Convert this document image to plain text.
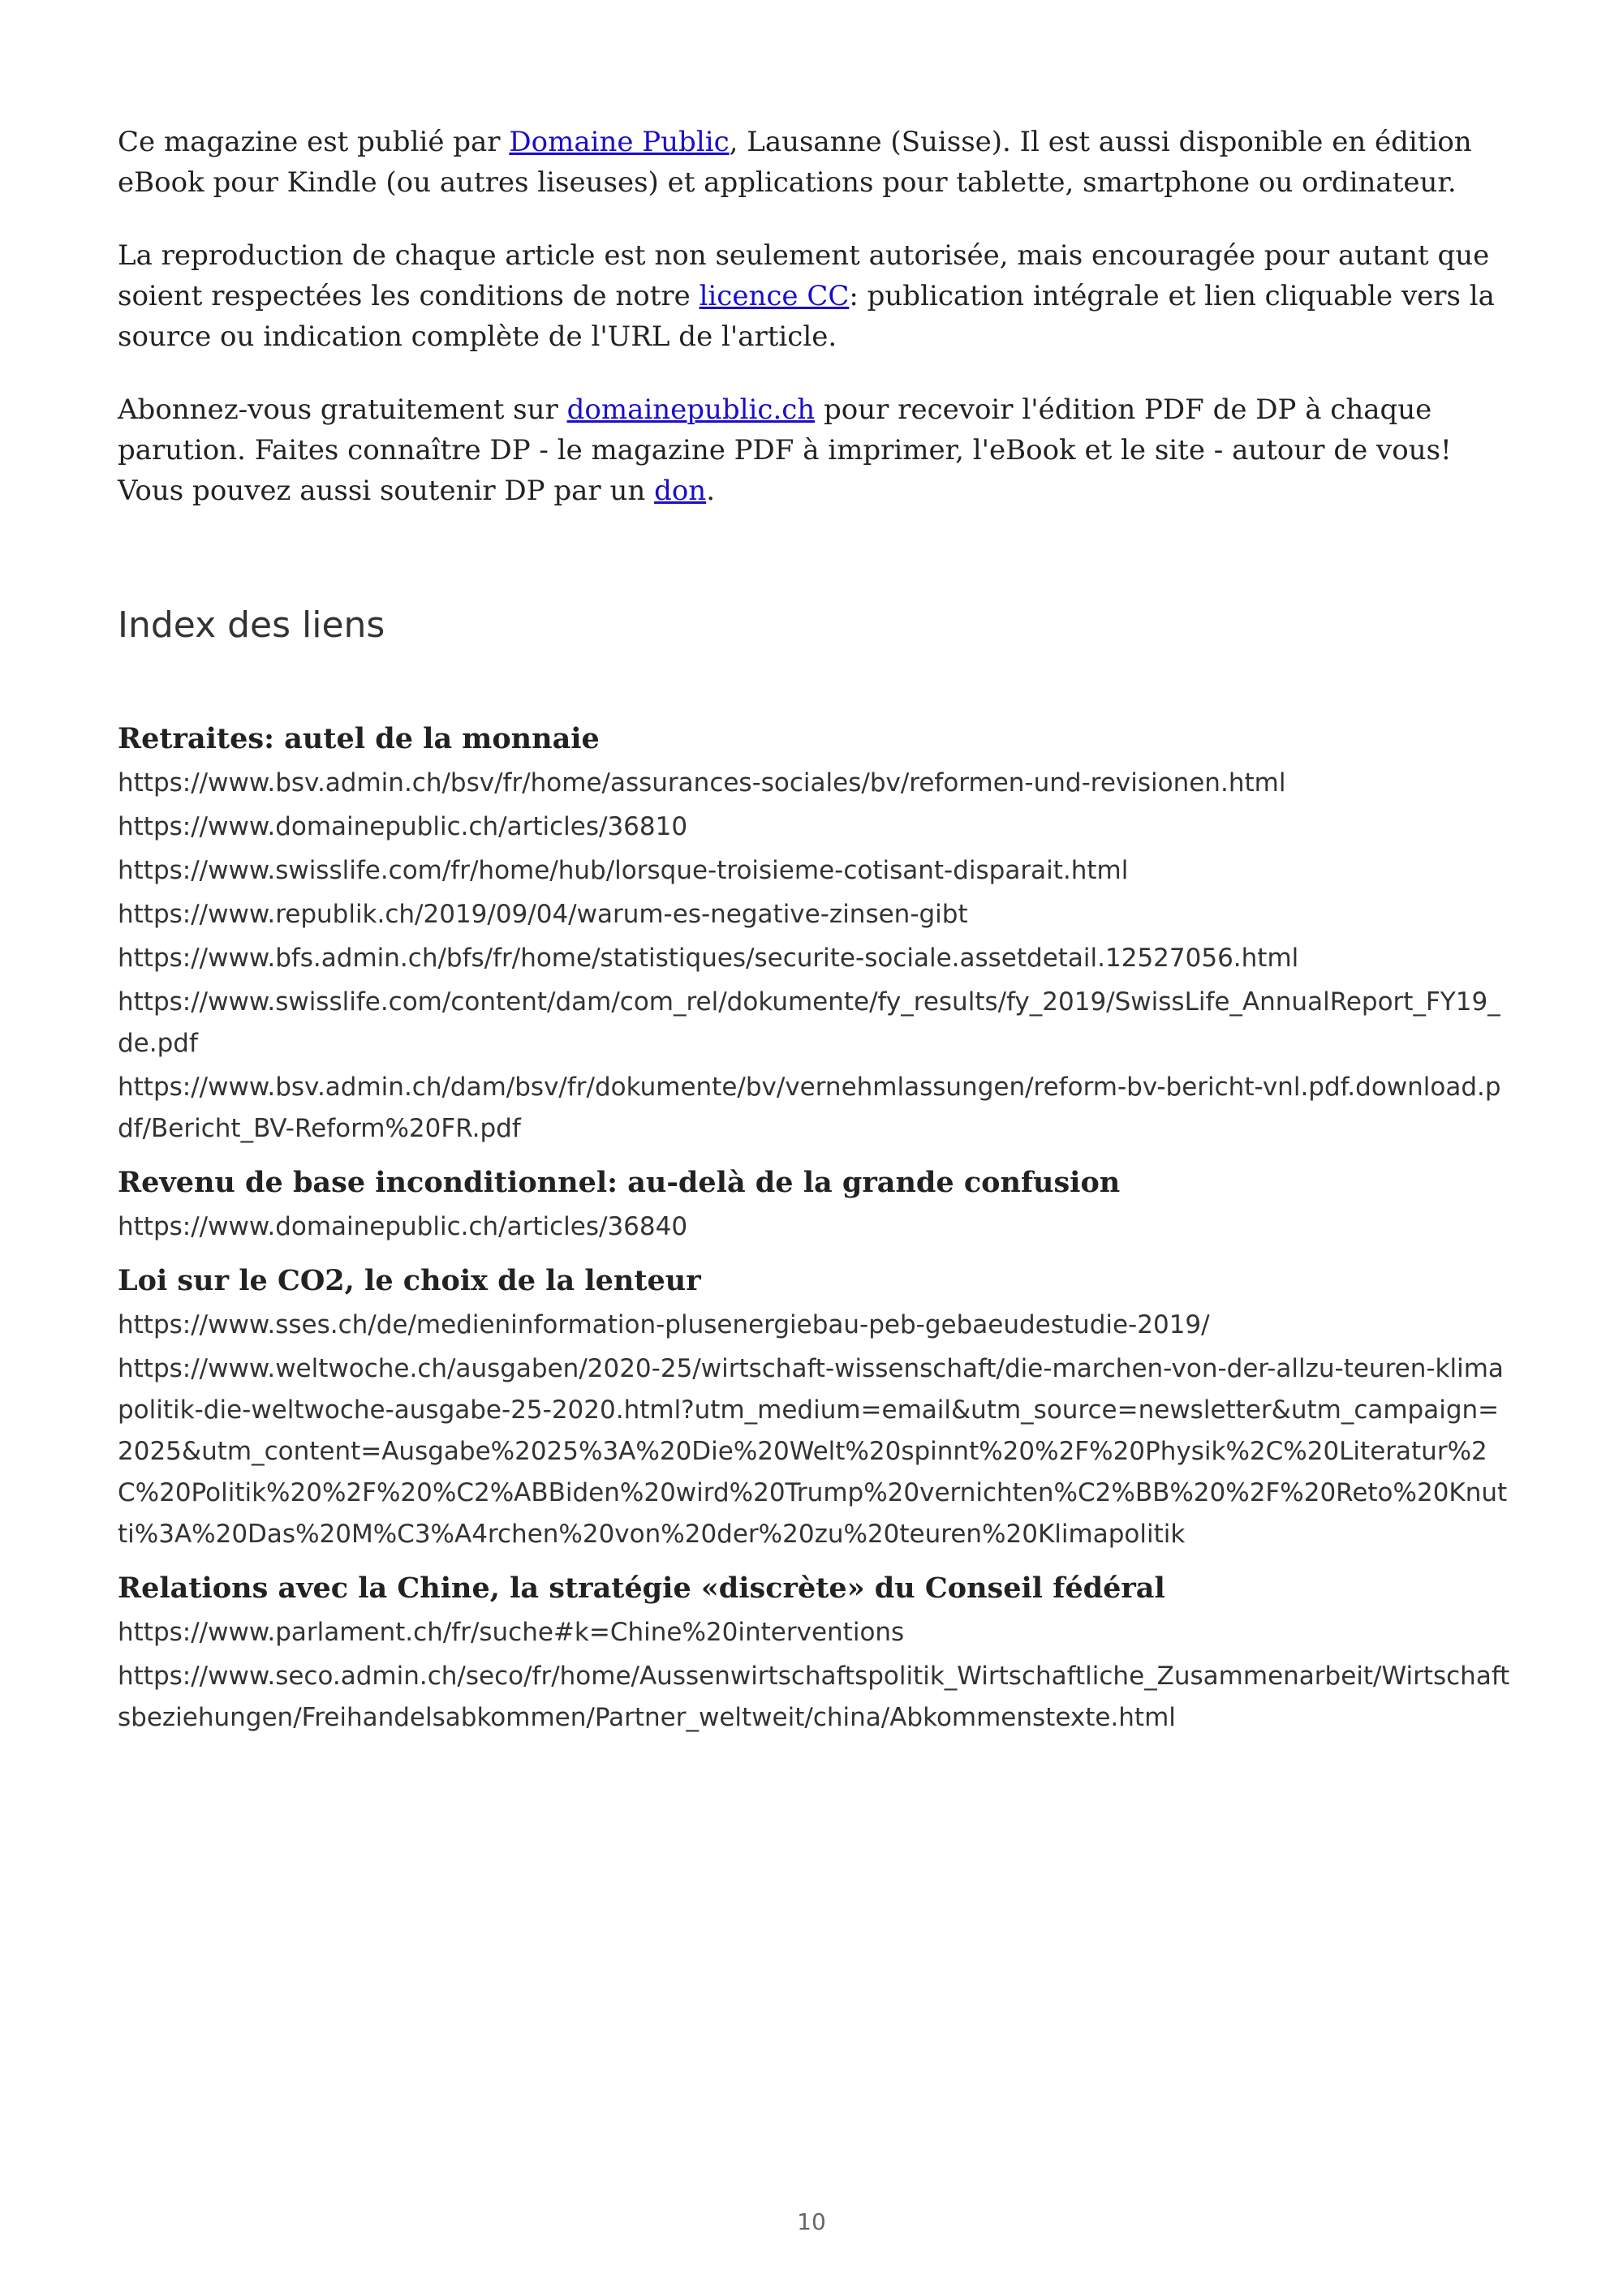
Ce magazine est publié par Domaine Public, Lausanne (Suisse). Il est aussi disponible en édition eBook pour Kindle (ou autres liseuses) et applications pour tablette, smartphone ou ordinateur.

La reproduction de chaque article est non seulement autorisée, mais encouragée pour autant que soient respectées les conditions de notre licence CC: publication intégrale et lien cliquable vers la source ou indication complète de l'URL de l'article.

Abonnez-vous gratuitement sur domainepublic.ch pour recevoir l'édition PDF de DP à chaque parution. Faites connaître DP - le magazine PDF à imprimer, l'eBook et le site - autour de vous! Vous pouvez aussi soutenir DP par un don.

Index des liens
Retraites: autel de la monnaie
https://www.bsv.admin.ch/bsv/fr/home/assurances-sociales/bv/reformen-und-revisionen.html
https://www.domainepublic.ch/articles/36810
https://www.swisslife.com/fr/home/hub/lorsque-troisieme-cotisant-disparait.html
https://www.republik.ch/2019/09/04/warum-es-negative-zinsen-gibt
https://www.bfs.admin.ch/bfs/fr/home/statistiques/securite-sociale.assetdetail.12527056.html
https://www.swisslife.com/content/dam/com_rel/dokumente/fy_results/fy_2019/SwissLife_AnnualReport_FY19_de.pdf
https://www.bsv.admin.ch/dam/bsv/fr/dokumente/bv/vernehmlassungen/reform-bv-bericht-vnl.pdf.download.pdf/Bericht_BV-Reform%20FR.pdf
Revenu de base inconditionnel: au-delà de la grande confusion
https://www.domainepublic.ch/articles/36840
Loi sur le CO2, le choix de la lenteur
https://www.sses.ch/de/medieninformation-plusenergiebau-peb-gebaeudestudie-2019/
https://www.weltwoche.ch/ausgaben/2020-25/wirtschaft-wissenschaft/die-marchen-von-der-allzu-teuren-klimapolitik-die-weltwoche-ausgabe-25-2020.html?utm_medium=email&utm_source=newsletter&utm_campaign=2025&utm_content=Ausgabe%2025%3A%20Die%20Welt%20spinnt%20%2F%20Physik%2C%20Literatur%2C%20Politik%20%2F%20%C2%ABBiden%20wird%20Trump%20vernichten%C2%BB%20%2F%20Reto%20Knutti%3A%20Das%20M%C3%A4rchen%20von%20der%20zu%20teuren%20Klimapolitik
Relations avec la Chine, la stratégie «discrète» du Conseil fédéral
https://www.parlament.ch/fr/suche#k=Chine%20interventions
https://www.seco.admin.ch/seco/fr/home/Aussenwirtschaftspolitik_Wirtschaftliche_Zusammenarbeit/Wirtschaftsbeziehungen/Freihandelsabkommen/Partner_weltweit/china/Abkommenstexte.html
10
